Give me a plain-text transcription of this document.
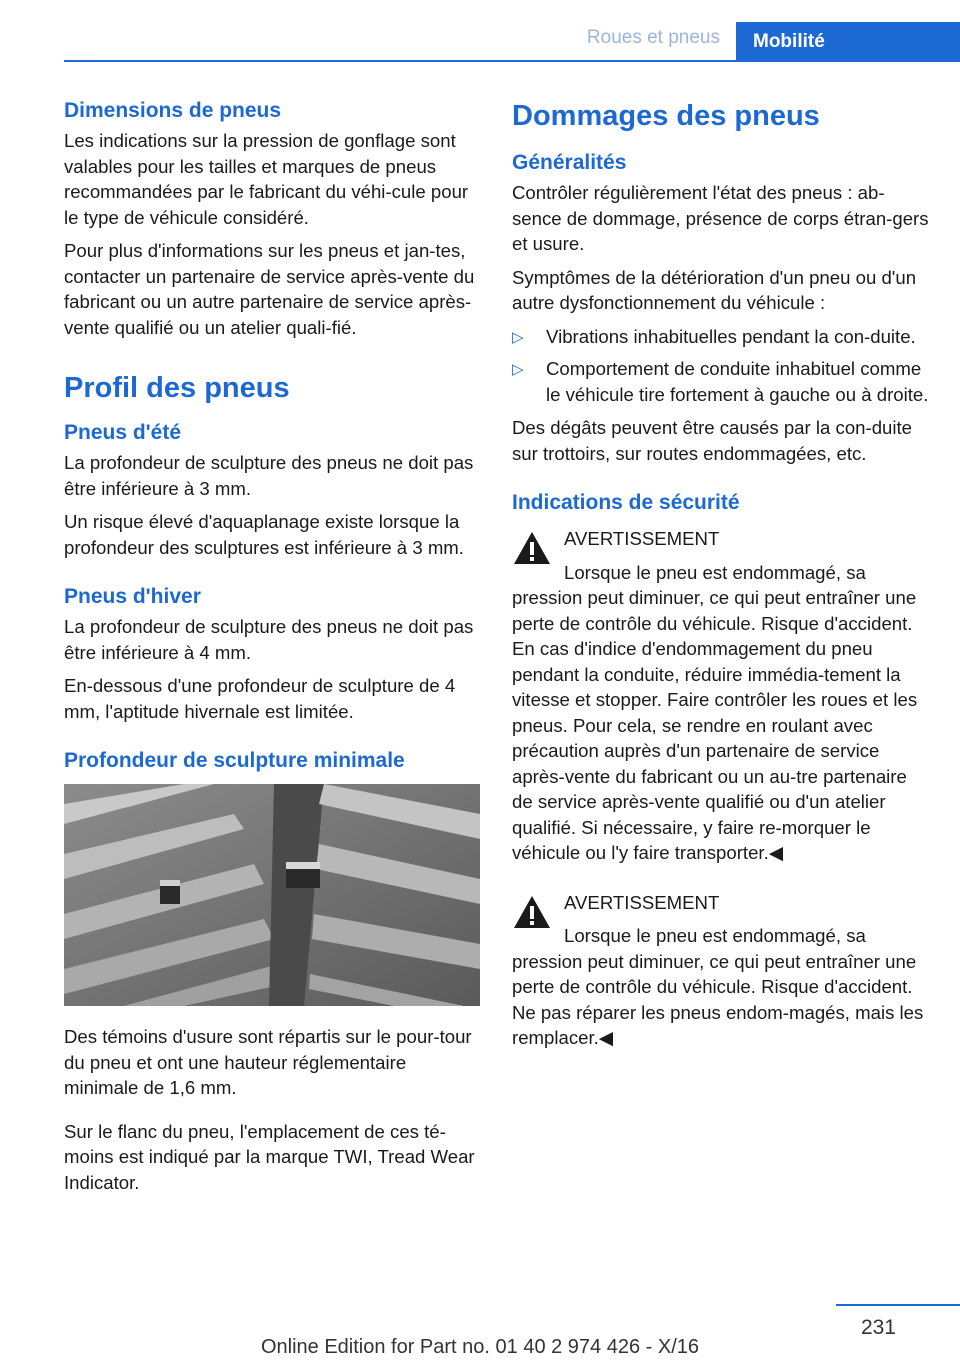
Roues et pneus	Mobilité
Dimensions de pneus

Les indications sur la pression de gonflage sont valables pour les tailles et marques de pneus recommandées par le fabricant du véhi‐cule pour le type de véhicule considéré.

Pour plus d'informations sur les pneus et jan‐tes, contacter un partenaire de service après-vente du fabricant ou un autre partenaire de service après-vente qualifié ou un atelier quali‐fié.

Profil des pneus
Pneus d'été

La profondeur de sculpture des pneus ne doit pas être inférieure à 3 mm.

Un risque élevé d'aquaplanage existe lorsque la profondeur des sculptures est inférieure à 3 mm.

Pneus d'hiver

La profondeur de sculpture des pneus ne doit pas être inférieure à 4 mm.

En-dessous d'une profondeur de sculpture de 4 mm, l'aptitude hivernale est limitée.

Profondeur de sculpture minimale

Des témoins d'usure sont répartis sur le pour‐tour du pneu et ont une hauteur réglementaire minimale de 1,6 mm.

Sur le flanc du pneu, l'emplacement de ces té‐moins est indiqué par la marque TWI, Tread Wear Indicator.

Dommages des pneus
Généralités

Contrôler régulièrement l'état des pneus : ab‐sence de dommage, présence de corps étran‐gers et usure.

Symptômes de la détérioration d'un pneu ou d'un autre dysfonctionnement du véhicule :

▷ Vibrations inhabituelles pendant la con‐duite.
▷ Comportement de conduite inhabituel comme le véhicule tire fortement à gauche ou à droite.

Des dégâts peuvent être causés par la con‐duite sur trottoirs, sur routes endommagées, etc.

Indications de sécurité
AVERTISSEMENT

Lorsque le pneu est endommagé, sa pression peut diminuer, ce qui peut entraîner une perte de contrôle du véhicule. Risque d'accident. En cas d'indice d'endommagement du pneu pendant la conduite, réduire immédia‐tement la vitesse et stopper. Faire contrôler les roues et les pneus. Pour cela, se rendre en roulant avec précaution auprès d'un partenaire de service après-vente du fabricant ou un au‐tre partenaire de service après-vente qualifié ou d'un atelier qualifié. Si nécessaire, y faire re‐morquer le véhicule ou l'y faire transporter.◀

AVERTISSEMENT

Lorsque le pneu est endommagé, sa pression peut diminuer, ce qui peut entraîner une perte de contrôle du véhicule. Risque d'accident. Ne pas réparer les pneus endom‐magés, mais les remplacer.◀

231
Online Edition for Part no. 01 40 2 974 426 - X/16
